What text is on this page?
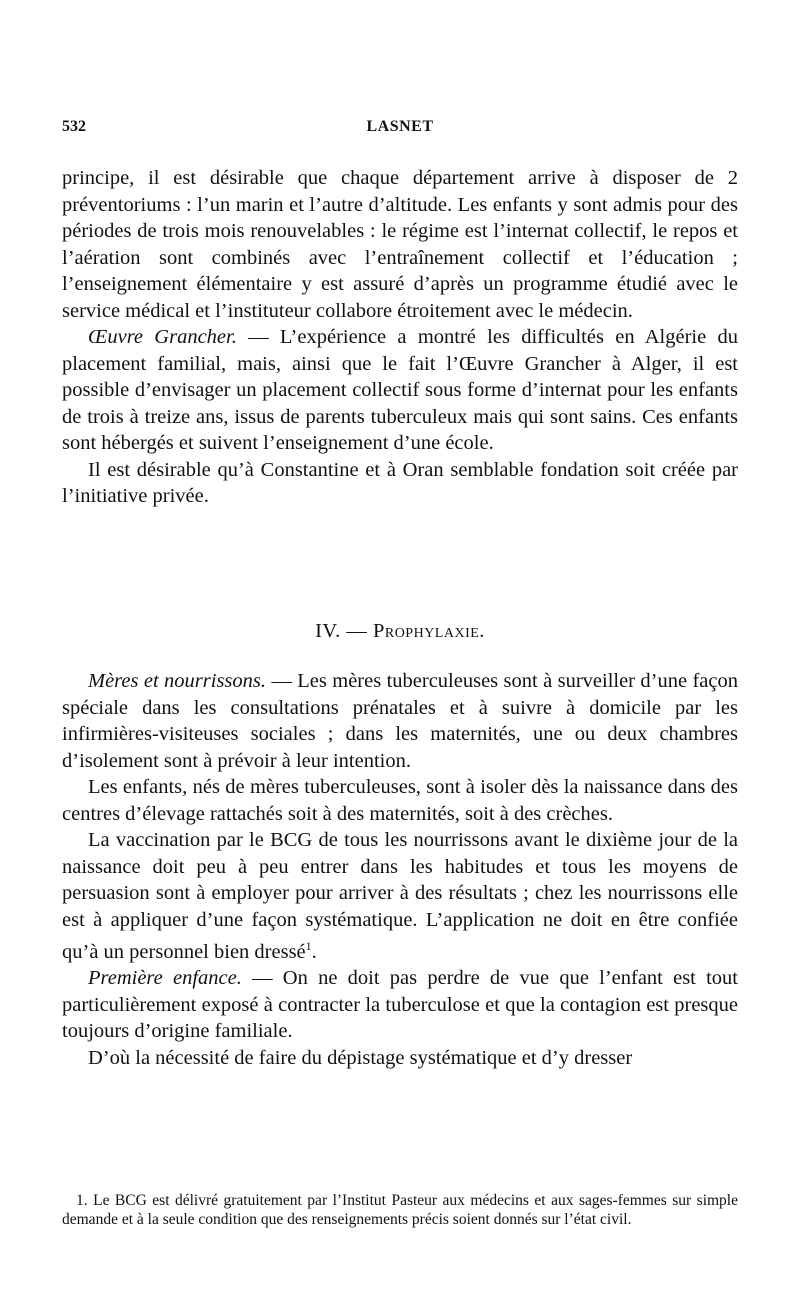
532	LASNET

principe, il est désirable que chaque département arrive à disposer de 2 préventoriums : l’un marin et l’autre d’altitude. Les enfants y sont admis pour des périodes de trois mois renouvelables : le régime est l’internat collectif, le repos et l’aération sont combinés avec l’entraînement collectif et l’éducation ; l’enseignement élémentaire y est assuré d’après un programme étudié avec le service médical et l’instituteur collabore étroitement avec le médecin.

Œuvre Grancher. — L’expérience a montré les difficultés en Algérie du placement familial, mais, ainsi que le fait l’Œuvre Grancher à Alger, il est possible d’envisager un placement collectif sous forme d’internat pour les enfants de trois à treize ans, issus de parents tuberculeux mais qui sont sains. Ces enfants sont hébergés et suivent l’enseignement d’une école.

Il est désirable qu’à Constantine et à Oran semblable fondation soit créée par l’initiative privée.

IV. — Prophylaxie.

Mères et nourrissons. — Les mères tuberculeuses sont à surveiller d’une façon spéciale dans les consultations prénatales et à suivre à domicile par les infirmières-visiteuses sociales ; dans les maternités, une ou deux chambres d’isolement sont à prévoir à leur intention.

Les enfants, nés de mères tuberculeuses, sont à isoler dès la naissance dans des centres d’élevage rattachés soit à des maternités, soit à des crèches.

La vaccination par le BCG de tous les nourrissons avant le dixième jour de la naissance doit peu à peu entrer dans les habitudes et tous les moyens de persuasion sont à employer pour arriver à des résultats ; chez les nourrissons elle est à appliquer d’une façon systématique. L’application ne doit en être confiée qu’à un personnel bien dressé$^1$.

Première enfance. — On ne doit pas perdre de vue que l’enfant est tout particulièrement exposé à contracter la tuberculose et que la contagion est presque toujours d’origine familiale.

D’où la nécessité de faire du dépistage systématique et d’y dresser

1. Le BCG est délivré gratuitement par l’Institut Pasteur aux médecins et aux sages-femmes sur simple demande et à la seule condition que des renseignements précis soient donnés sur l’état civil.
